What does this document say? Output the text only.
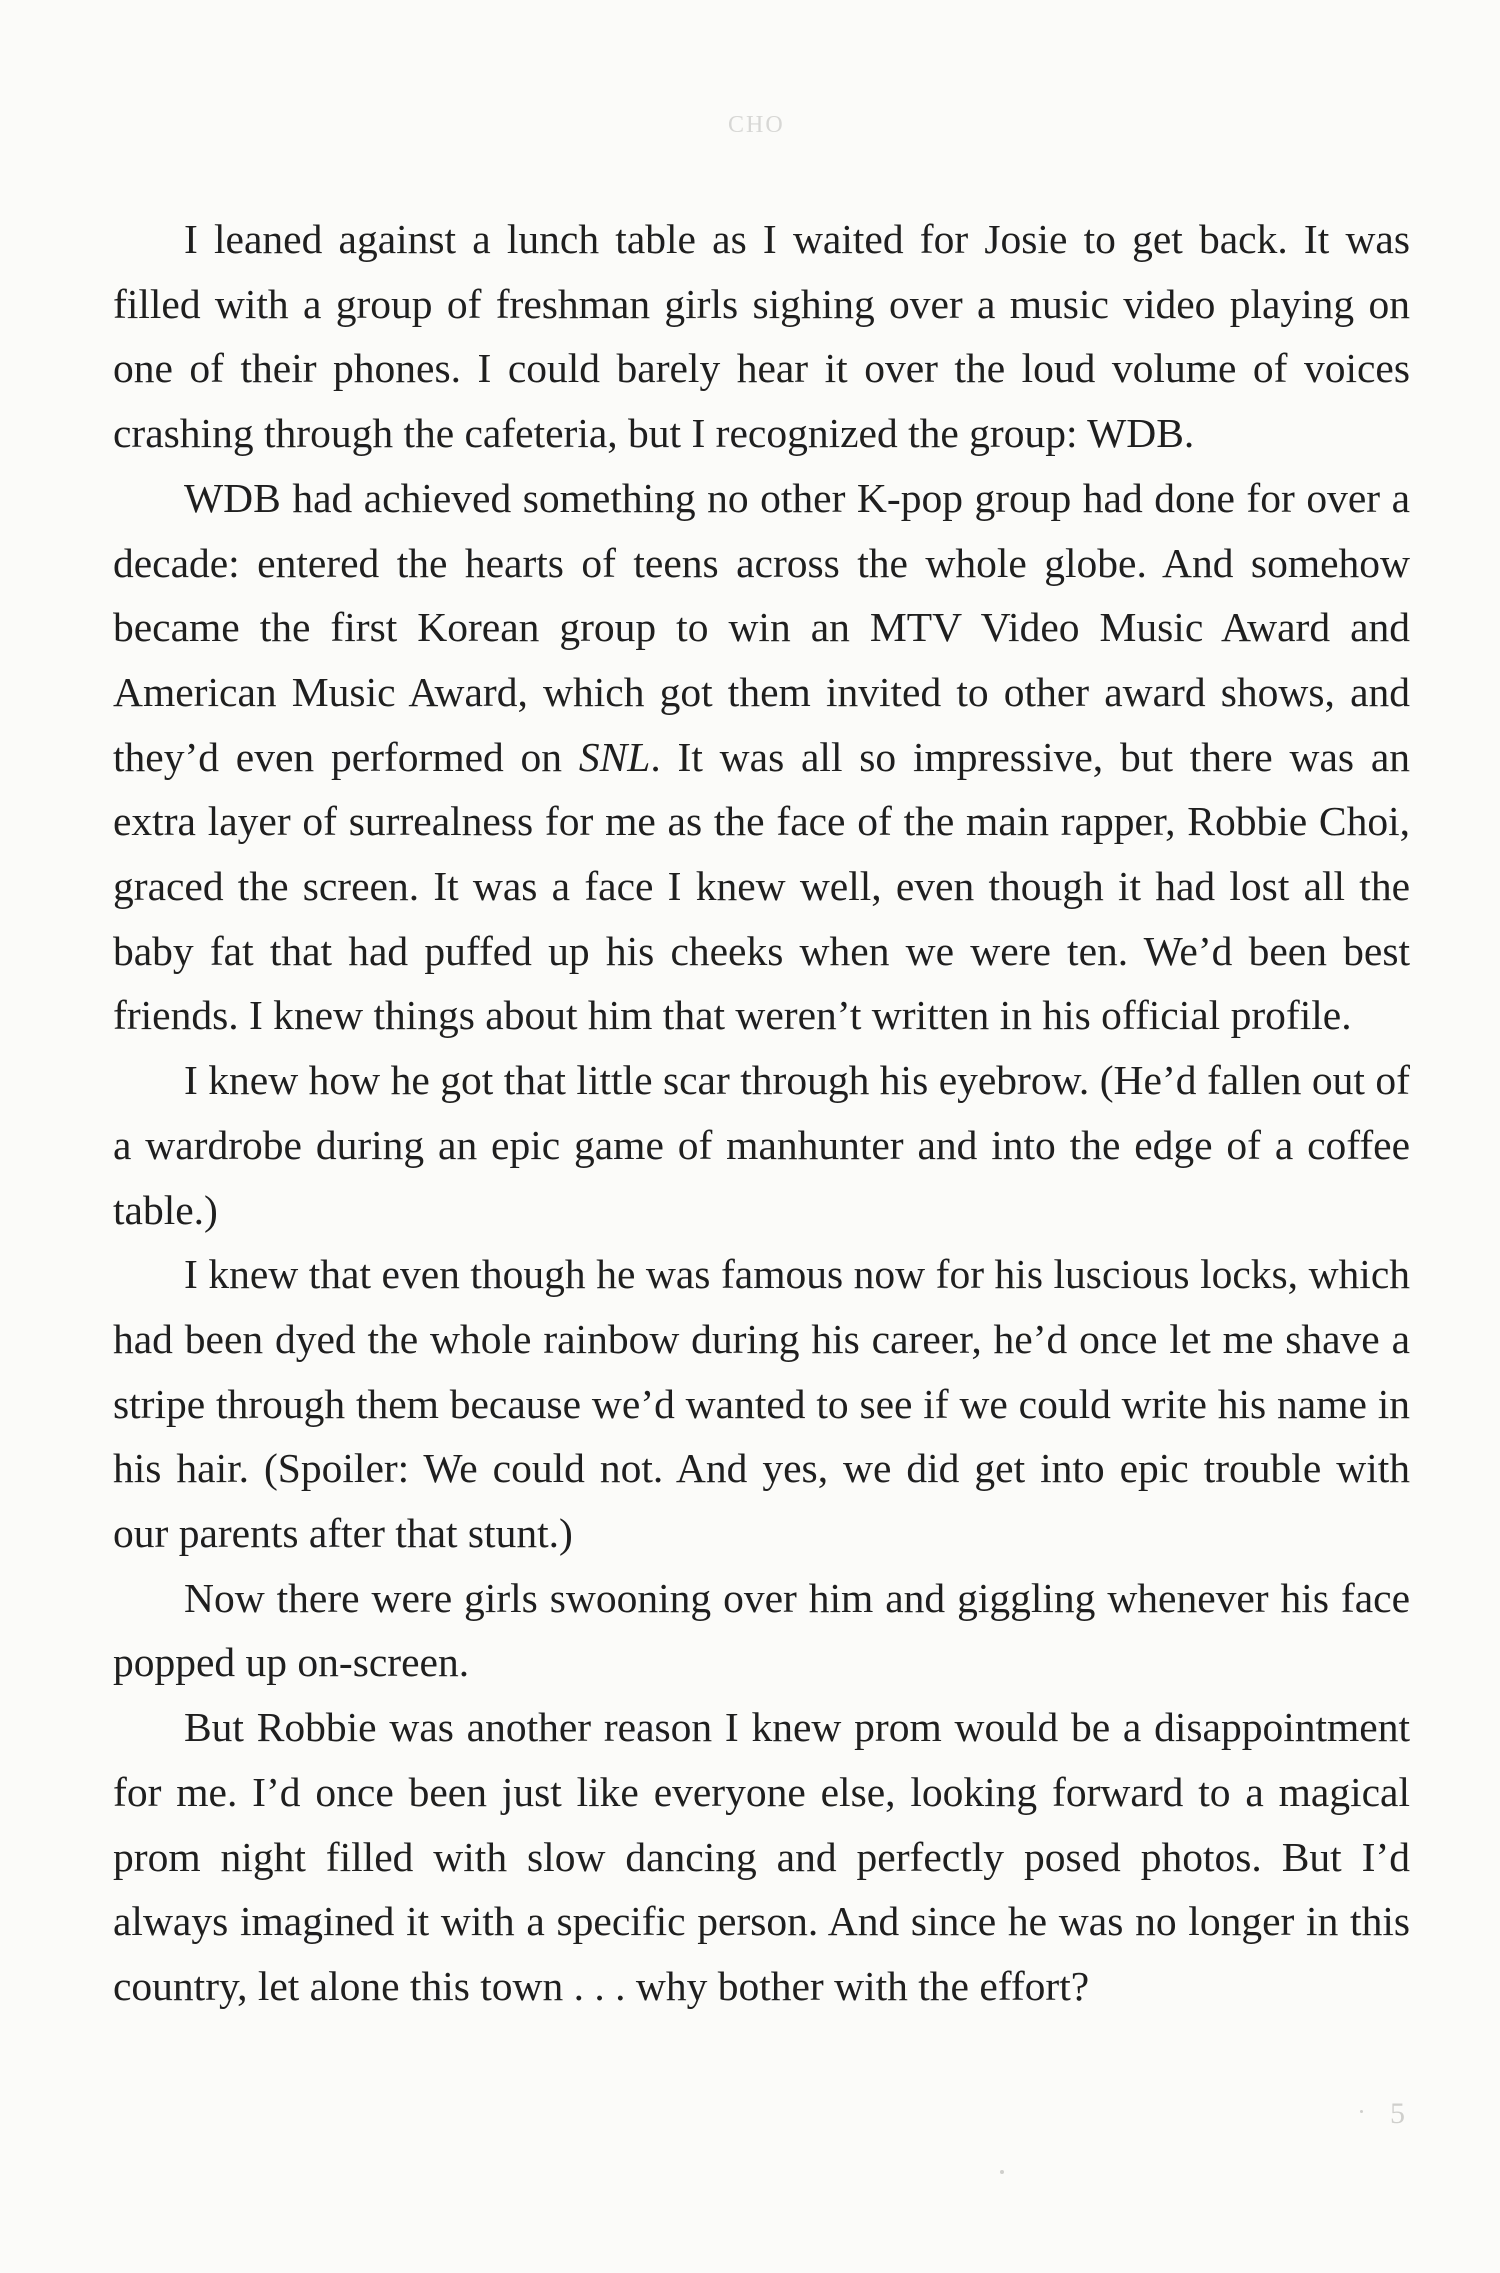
CHO

I leaned against a lunch table as I waited for Josie to get back. It was filled with a group of freshman girls sighing over a music video playing on one of their phones. I could barely hear it over the loud volume of voices crashing through the cafeteria, but I recognized the group: WDB.

WDB had achieved something no other K-pop group had done for over a decade: entered the hearts of teens across the whole globe. And somehow became the first Korean group to win an MTV Video Music Award and American Music Award, which got them invited to other award shows, and they’d even performed on SNL. It was all so impressive, but there was an extra layer of surrealness for me as the face of the main rapper, Robbie Choi, graced the screen. It was a face I knew well, even though it had lost all the baby fat that had puffed up his cheeks when we were ten. We’d been best friends. I knew things about him that weren’t written in his official profile.

I knew how he got that little scar through his eyebrow. (He’d fallen out of a wardrobe during an epic game of manhunter and into the edge of a coffee table.)

I knew that even though he was famous now for his luscious locks, which had been dyed the whole rainbow during his career, he’d once let me shave a stripe through them because we’d wanted to see if we could write his name in his hair. (Spoiler: We could not. And yes, we did get into epic trouble with our parents after that stunt.)

Now there were girls swooning over him and giggling whenever his face popped up on-screen.

But Robbie was another reason I knew prom would be a disappointment for me. I’d once been just like everyone else, looking forward to a magical prom night filled with slow dancing and perfectly posed photos. But I’d always imagined it with a specific person. And since he was no longer in this country, let alone this town . . . why bother with the effort?

5
